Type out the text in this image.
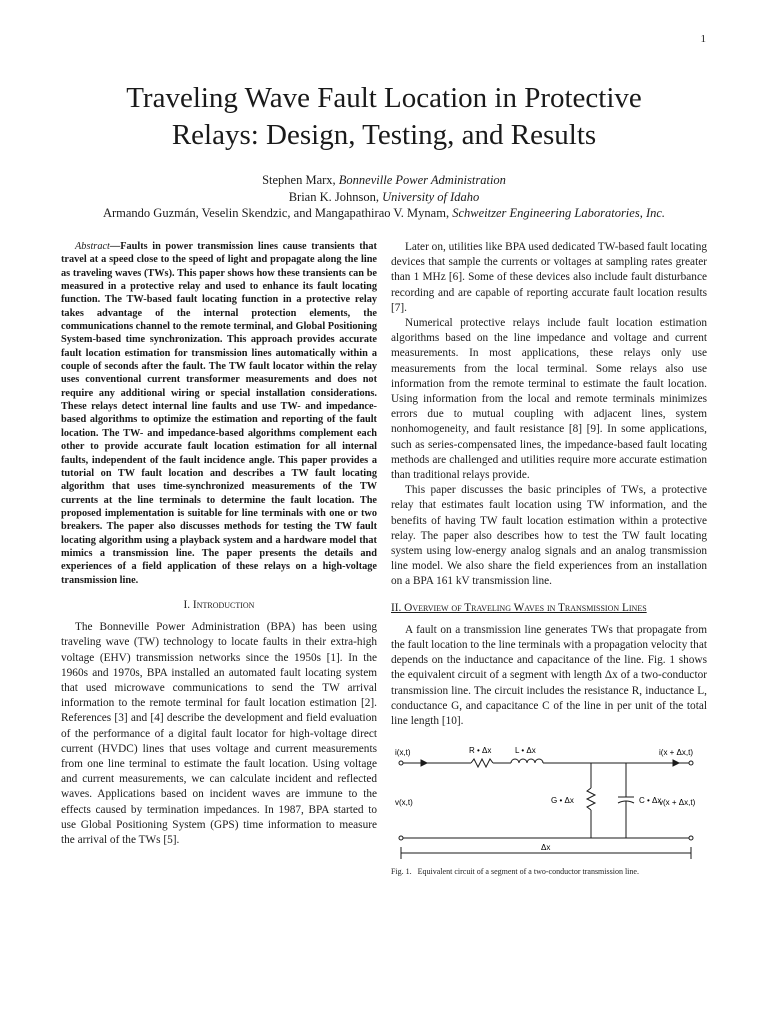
1
Traveling Wave Fault Location in Protective
Relays: Design, Testing, and Results
Stephen Marx, Bonneville Power Administration
Brian K. Johnson, University of Idaho
Armando Guzmán, Veselin Skendzic, and Mangapathirao V. Mynam, Schweitzer Engineering Laboratories, Inc.

Abstract—Faults in power transmission lines cause transients that travel at a speed close to the speed of light and propagate along the line as traveling waves (TWs). This paper shows how these transients can be measured in a protective relay and used to enhance its fault locating function. The TW-based fault locating function in a protective relay takes advantage of the internal protection elements, the communications channel to the remote terminal, and Global Positioning System-based time synchronization. This approach provides accurate fault location estimation for transmission lines automatically within a couple of seconds after the fault. The TW fault locator within the relay uses conventional current transformer measurements and does not require any additional wiring or special installation considerations. These relays detect internal line faults and use TW- and impedance-based algorithms to optimize the estimation and reporting of the fault location. The TW- and impedance-based algorithms complement each other to provide accurate fault location estimation for all internal faults, independent of the fault incidence angle. This paper provides a tutorial on TW fault location and describes a TW fault locating algorithm that uses time-synchronized measurements of the TW currents at the line terminals to determine the fault location. The proposed implementation is suitable for line terminals with one or two breakers. The paper also discusses methods for testing the TW fault locating algorithm using a playback system and a hardware model that mimics a transmission line. The paper presents the details and experiences of a field application of these relays on a high-voltage transmission line.

I. Introduction

The Bonneville Power Administration (BPA) has been using traveling wave (TW) technology to locate faults in their extra-high voltage (EHV) transmission networks since the 1950s [1]. In the 1960s and 1970s, BPA installed an automated fault locating system that used microwave communications to send the TW arrival information to the remote terminal for fault location estimation [2]. References [3] and [4] describe the development and field evaluation of the performance of a digital fault locator for high-voltage direct current (HVDC) lines that uses voltage and current measurements from one line terminal to estimate the fault location. Using voltage and current measurements, we can calculate incident and reflected waves. Applications based on incident waves are immune to the effects caused by termination impedances. In 1987, BPA started to use Global Positioning System (GPS) time information to measure the arrival of the TWs [5].

Later on, utilities like BPA used dedicated TW-based fault locating devices that sample the currents or voltages at sampling rates greater than 1 MHz [6]. Some of these devices also include fault disturbance recording and are capable of reporting accurate fault location results [7].

Numerical protective relays include fault location estimation algorithms based on the line impedance and voltage and current measurements. In most applications, these relays only use measurements from the local terminal. Some relays also use information from the remote terminal to estimate the fault location. Using information from the local and remote terminals minimizes errors due to mutual coupling with adjacent lines, system nonhomogeneity, and fault resistance [8] [9]. In some applications, such as series-compensated lines, the impedance-based fault locating methods are challenged and utilities require more accurate estimation than traditional relays provide.

This paper discusses the basic principles of TWs, a protective relay that estimates fault location using TW information, and the benefits of having TW fault location estimation within a protective relay. The paper also describes how to test the TW fault locating system using low-energy analog signals and an analog transmission line model. We also share the field experiences from an installation on a BPA 161 kV transmission line.

II. Overview of Traveling Waves in Transmission Lines

A fault on a transmission line generates TWs that propagate from the fault location to the line terminals with a propagation velocity that depends on the inductance and capacitance of the line. Fig. 1 shows the equivalent circuit of a segment with length Δx of a two-conductor transmission line. The circuit includes the resistance R, inductance L, conductance G, and capacitance C of the line in per unit of the total line length [10].

i(x,t)
v(x,t)
R • Δx	L • Δx
G • Δx	C • Δx
i(x + Δx,t)
v(x + Δx,t)
Δx
Fig. 1. Equivalent circuit of a segment of a two-conductor transmission line.
